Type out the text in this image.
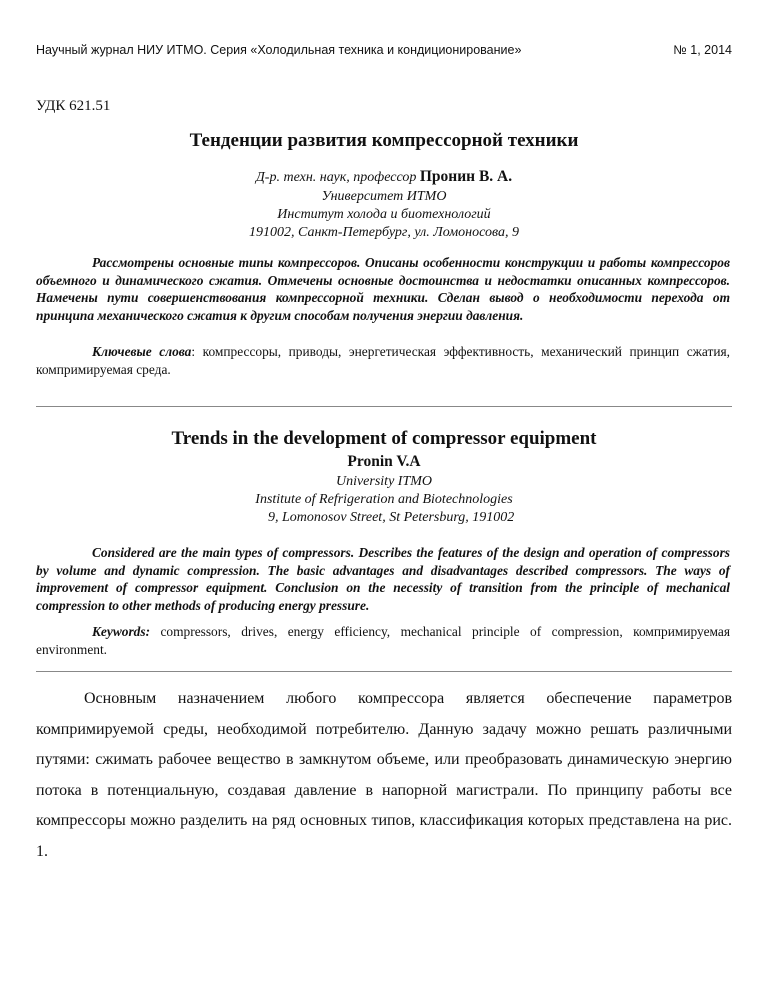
Научный журнал НИУ ИТМО. Серия «Холодильная техника и кондиционирование»	№ 1, 2014
УДК 621.51
Тенденции развития компрессорной техники
Д-р. техн. наук, профессор Пронин В. А.
Университет ИТМО
Институт холода и биотехнологий
191002, Санкт-Петербург, ул. Ломоносова, 9
Рассмотрены основные типы компрессоров. Описаны особенности конструкции и работы компрессоров объемного и динамического сжатия. Отмечены основные достоинства и недостатки описанных компрессоров. Намечены пути совершенствования компрессорной техники. Сделан вывод о необходимости перехода от принципа механического сжатия к другим способам получения энергии давления.
Ключевые слова: компрессоры, приводы, энергетическая эффективность, механический принцип сжатия, компримируемая среда.
Trends in the development of compressor equipment
Pronin V.A
University ITMO
Institute of Refrigeration and Biotechnologies
9, Lomonosov Street, St Petersburg, 191002
Considered are the main types of compressors. Describes the features of the design and operation of compressors by volume and dynamic compression. The basic advantages and disadvantages described compressors. The ways of improvement of compressor equipment. Conclusion on the necessity of transition from the principle of mechanical compression to other methods of producing energy pressure.
Keywords: compressors, drives, energy efficiency, mechanical principle of compression, компримируемая environment.
Основным назначением любого компрессора является обеспечение параметров компримируемой среды, необходимой потребителю. Данную задачу можно решать различными путями: сжимать рабочее вещество в замкнутом объеме, или преобразовать динамическую энергию потока в потенциальную, создавая давление в напорной магистрали. По принципу работы все компрессоры можно разделить на ряд основных типов, классификация которых представлена на рис. 1.
